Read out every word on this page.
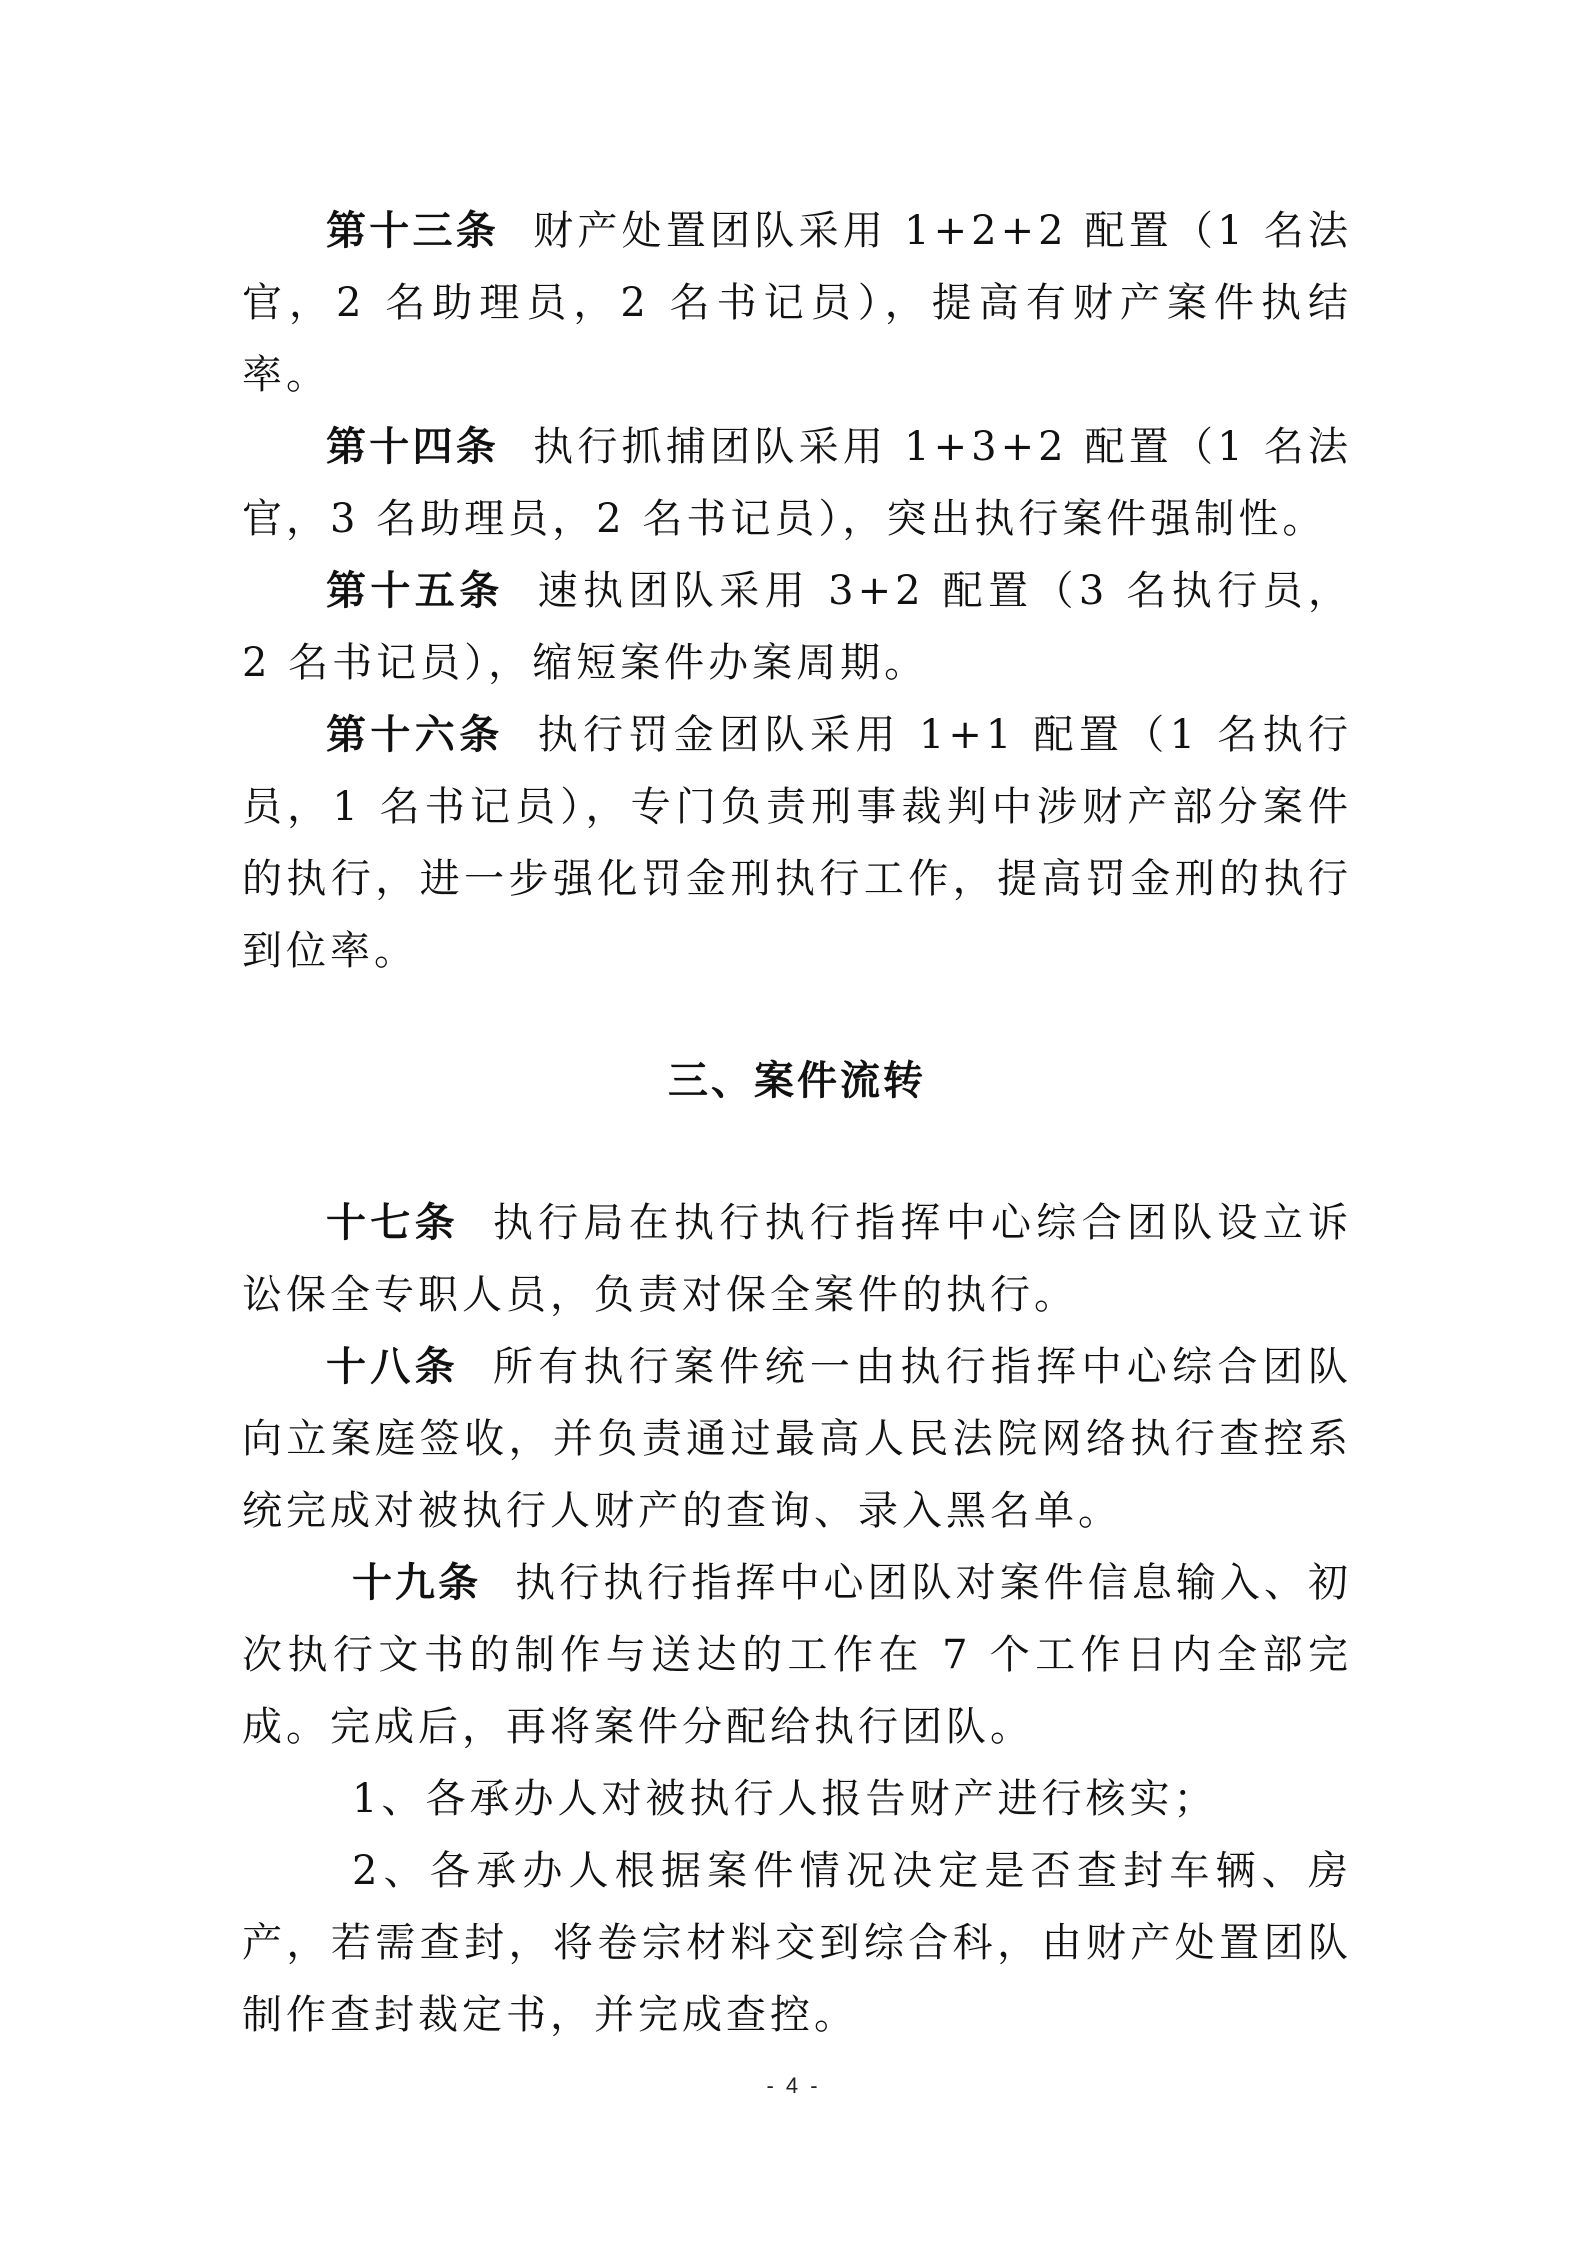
第十三条 财产处置团队采用 1+2+2 配置（1 名法官，2 名助理员，2 名书记员），提高有财产案件执结率。

第十四条 执行抓捕团队采用 1+3+2 配置（1 名法官，3 名助理员，2 名书记员），突出执行案件强制性。

第十五条 速执团队采用 3+2 配置（3 名执行员，2 名书记员），缩短案件办案周期。

第十六条 执行罚金团队采用 1+1 配置（1 名执行员，1 名书记员），专门负责刑事裁判中涉财产部分案件的执行，进一步强化罚金刑执行工作，提高罚金刑的执行到位率。

三、案件流转

十七条 执行局在执行执行指挥中心综合团队设立诉讼保全专职人员，负责对保全案件的执行。

十八条 所有执行案件统一由执行指挥中心综合团队向立案庭签收，并负责通过最高人民法院网络执行查控系统完成对被执行人财产的查询、录入黑名单。

十九条 执行执行指挥中心团队对案件信息输入、初次执行文书的制作与送达的工作在 7 个工作日内全部完成。完成后，再将案件分配给执行团队。

1、各承办人对被执行人报告财产进行核实；

2、各承办人根据案件情况决定是否查封车辆、房产，若需查封，将卷宗材料交到综合科，由财产处置团队制作查封裁定书，并完成查控。

- 4 -
